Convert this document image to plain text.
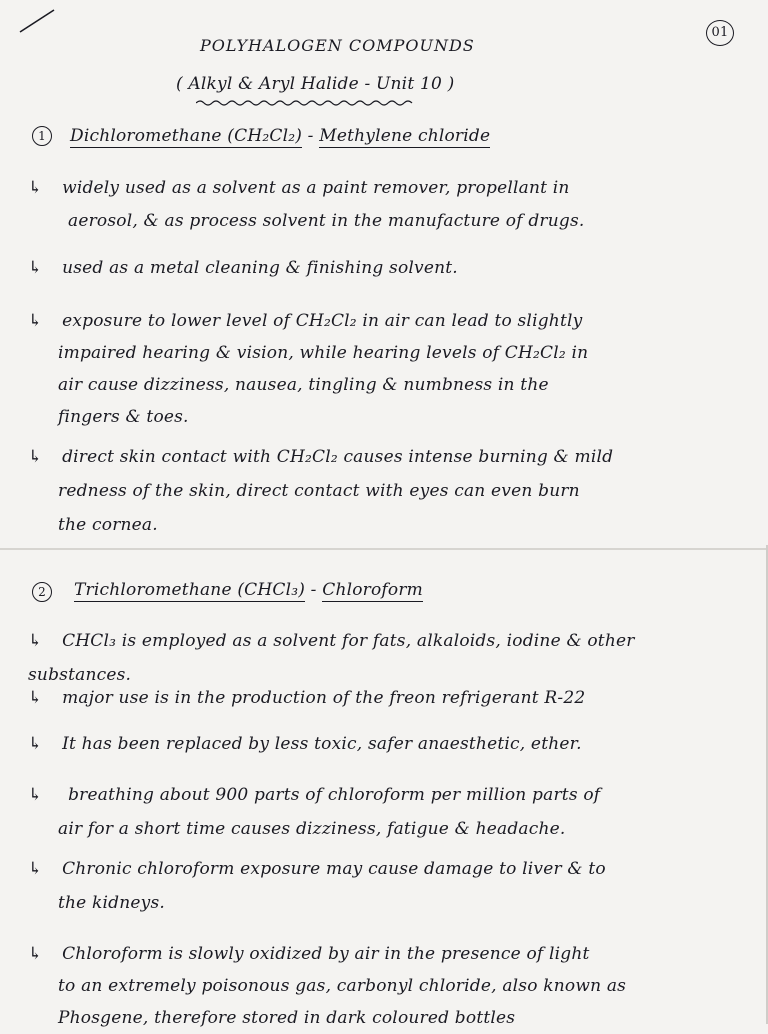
01
POLYHALOGEN COMPOUNDS
( Alkyl & Aryl Halide - Unit 10 )
1	Dichloromethane (CH₂Cl₂) - Methylene chloride
↳ widely used as a solvent as a paint remover, propellant in
aerosol, & as process solvent in the manufacture of drugs.
↳ used as a metal cleaning & finishing solvent.
↳ exposure to lower level of CH₂Cl₂ in air can lead to slightly
impaired hearing & vision, while hearing levels of CH₂Cl₂ in
air cause dizziness, nausea, tingling & numbness in the
fingers & toes.
↳ direct skin contact with CH₂Cl₂ causes intense burning & mild
redness of the skin, direct contact with eyes can even burn
the cornea.
2	Trichloromethane (CHCl₃) - Chloroform
↳ CHCl₃ is employed as a solvent for fats, alkaloids, iodine & other
substances.
↳ major use is in the production of the freon refrigerant R-22
↳ It has been replaced by less toxic, safer anaesthetic, ether.
↳ breathing about 900 parts of chloroform per million parts of
air for a short time causes dizziness, fatigue & headache.
↳ Chronic chloroform exposure may cause damage to liver & to
the kidneys.
↳ Chloroform is slowly oxidized by air in the presence of light
to an extremely poisonous gas, carbonyl chloride, also known as
Phosgene, therefore stored in dark coloured bottles
